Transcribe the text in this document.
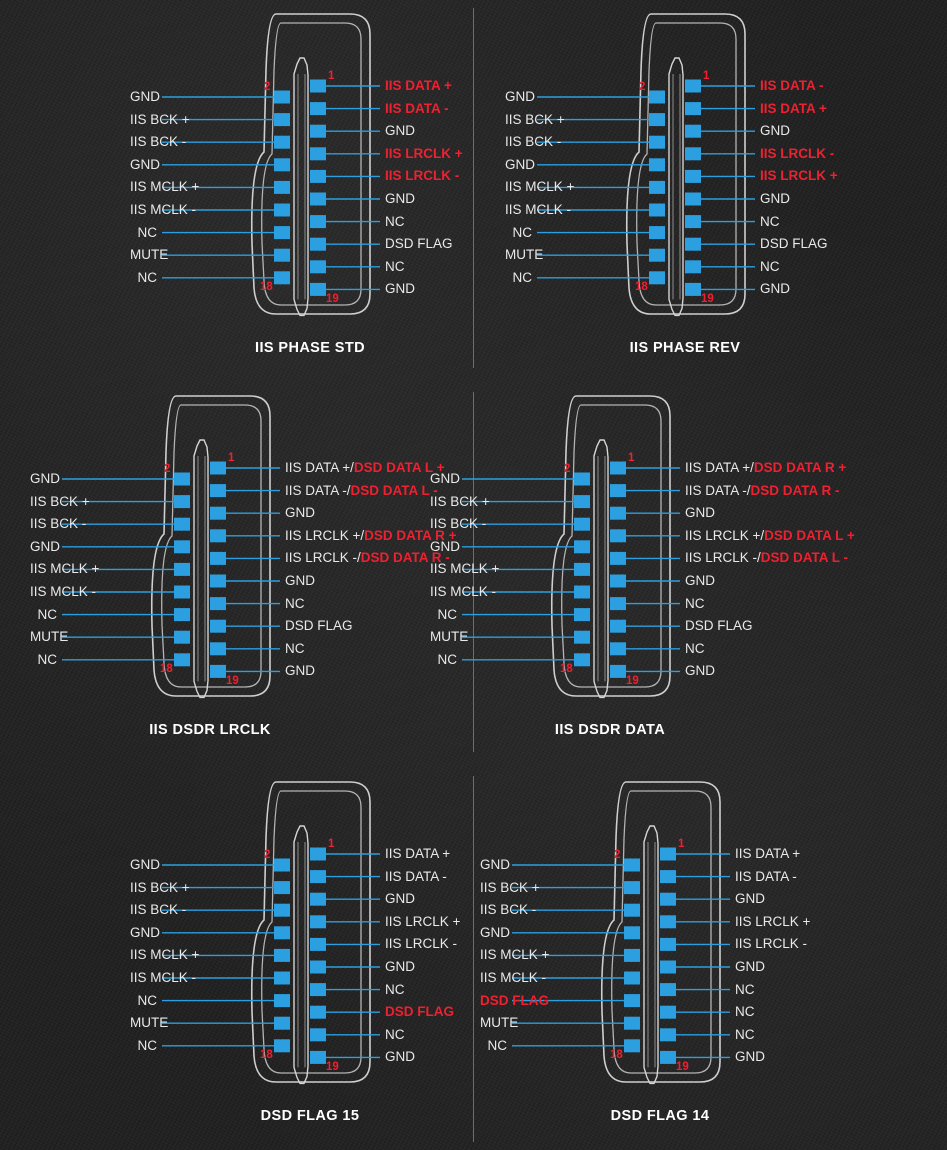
2
1
18
19
GND
IIS BCK +
IIS BCK -
GND
IIS MCLK +
IIS MCLK -
NC
MUTE
NC
IIS DATA +
IIS DATA -
GND
IIS LRCLK +
IIS LRCLK -
GND
NC
DSD FLAG
NC
GND
IIS PHASE STD
2
1
18
19
GND
IIS BCK +
IIS BCK -
GND
IIS MCLK +
IIS MCLK -
NC
MUTE
NC
IIS DATA -
IIS DATA +
GND
IIS LRCLK -
IIS LRCLK +
GND
NC
DSD FLAG
NC
GND
IIS PHASE REV
2
1
18
19
GND
IIS BCK +
IIS BCK -
GND
IIS MCLK +
IIS MCLK -
NC
MUTE
NC
IIS DATA +/DSD DATA L +
IIS DATA -/DSD DATA L -
GND
IIS LRCLK +/DSD DATA R +
IIS LRCLK -/DSD DATA R -
GND
NC
DSD FLAG
NC
GND
IIS DSDR LRCLK
2
1
18
19
GND
IIS BCK +
IIS BCK -
GND
IIS MCLK +
IIS MCLK -
NC
MUTE
NC
IIS DATA +/DSD DATA R +
IIS DATA -/DSD DATA R -
GND
IIS LRCLK +/DSD DATA L +
IIS LRCLK -/DSD DATA L -
GND
NC
DSD FLAG
NC
GND
IIS DSDR DATA
2
1
18
19
GND
IIS BCK +
IIS BCK -
GND
IIS MCLK +
IIS MCLK -
NC
MUTE
NC
IIS DATA +
IIS DATA -
GND
IIS LRCLK +
IIS LRCLK -
GND
NC
DSD FLAG
NC
GND
DSD FLAG 15
2
1
18
19
GND
IIS BCK +
IIS BCK -
GND
IIS MCLK +
IIS MCLK -
DSD FLAG
MUTE
NC
IIS DATA +
IIS DATA -
GND
IIS LRCLK +
IIS LRCLK -
GND
NC
NC
NC
GND
DSD FLAG 14
